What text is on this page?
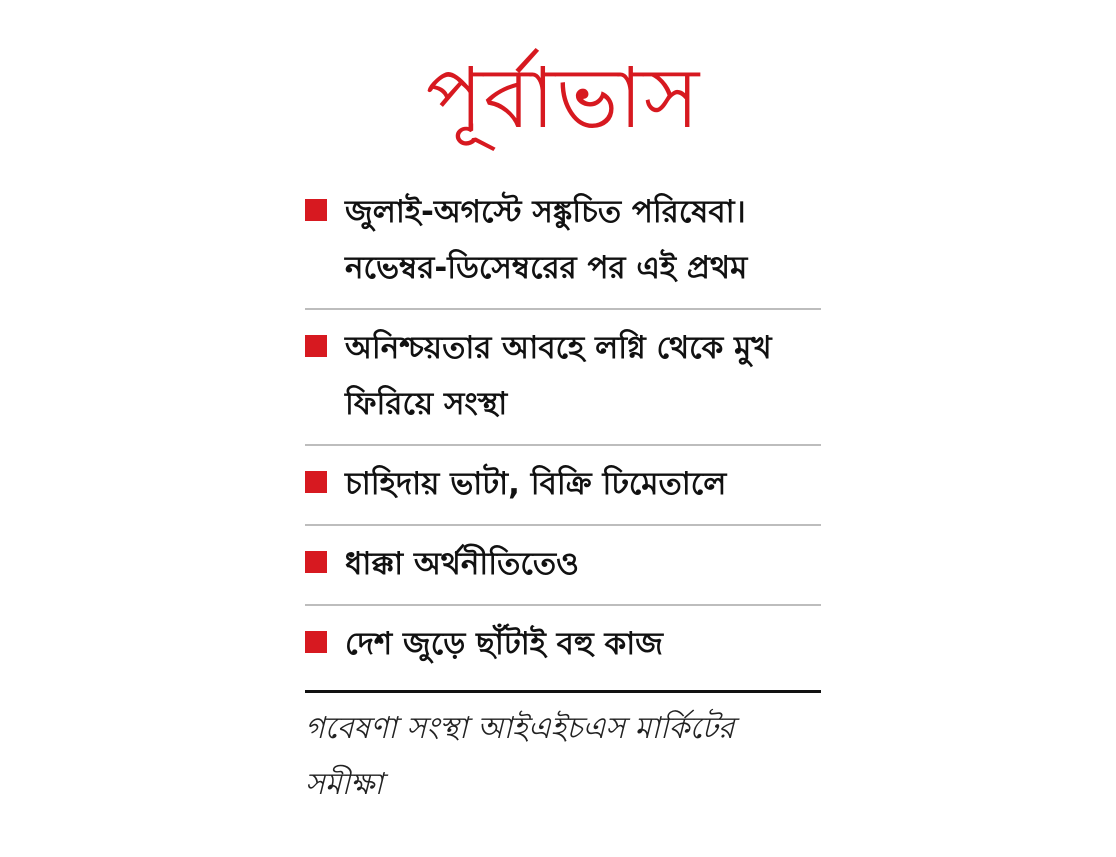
পূর্বাভাস
জুলাই-অগস্টে সঙ্কুচিত পরিষেবা। নভেম্বর-ডিসেম্বরের পর এই প্রথম
অনিশ্চয়তার আবহে লগ্নি থেকে মুখ ফিরিয়ে সংস্থা
চাহিদায় ভাটা, বিক্রি ঢিমেতালে
ধাক্কা অর্থনীতিতেও
দেশ জুড়ে ছাঁটাই বহু কাজ
গবেষণা সংস্থা আইএইচএস মার্কিটের সমীক্ষা
